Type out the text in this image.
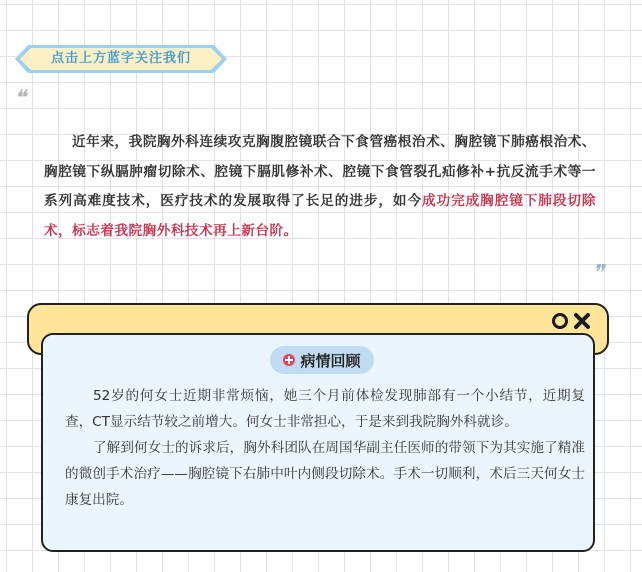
点击上方蓝字关注我们
❝
近年来，我院胸外科连续攻克胸腹腔镜联合下食管癌根治术、胸腔镜下肺癌根治术、胸腔镜下纵膈肿瘤切除术、腔镜下膈肌修补术、腔镜下食管裂孔疝修补+抗反流手术等一系列高难度技术，医疗技术的发展取得了长足的进步，如今成功完成胸腔镜下肺段切除术，标志着我院胸外科技术再上新台阶。
❞
病情回顾

52岁的何女士近期非常烦恼，她三个月前体检发现肺部有一个小结节，近期复查，CT显示结节较之前增大。何女士非常担心，于是来到我院胸外科就诊。

了解到何女士的诉求后，胸外科团队在周国华副主任医师的带领下为其实施了精准的微创手术治疗——胸腔镜下右肺中叶内侧段切除术。手术一切顺利，术后三天何女士康复出院。
